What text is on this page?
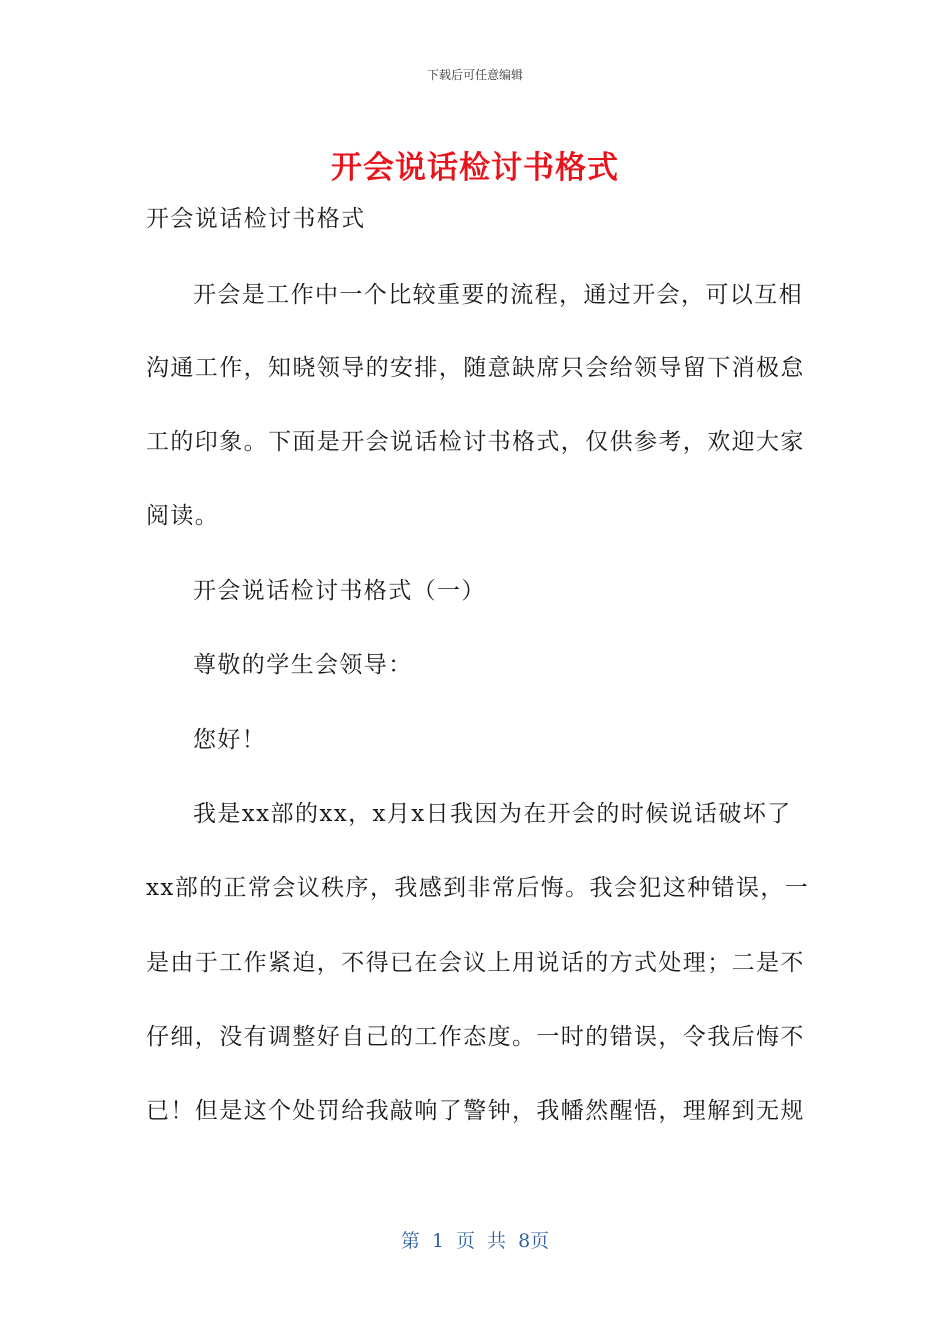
下载后可任意编辑
开会说话检讨书格式
开会说话检讨书格式
开会是工作中一个比较重要的流程，通过开会，可以互相
沟通工作，知晓领导的安排，随意缺席只会给领导留下消极怠
工的印象。下面是开会说话检讨书格式，仅供参考，欢迎大家
阅读。
开会说话检讨书格式（一）
尊敬的学生会领导：
您好！
我是xx部的xx，x月x日我因为在开会的时候说话破坏了
xx部的正常会议秩序，我感到非常后悔。我会犯这种错误，一
是由于工作紧迫，不得已在会议上用说话的方式处理；二是不
仔细，没有调整好自己的工作态度。一时的错误，令我后悔不
已！但是这个处罚给我敲响了警钟，我幡然醒悟，理解到无规
第 1 页 共 8页
